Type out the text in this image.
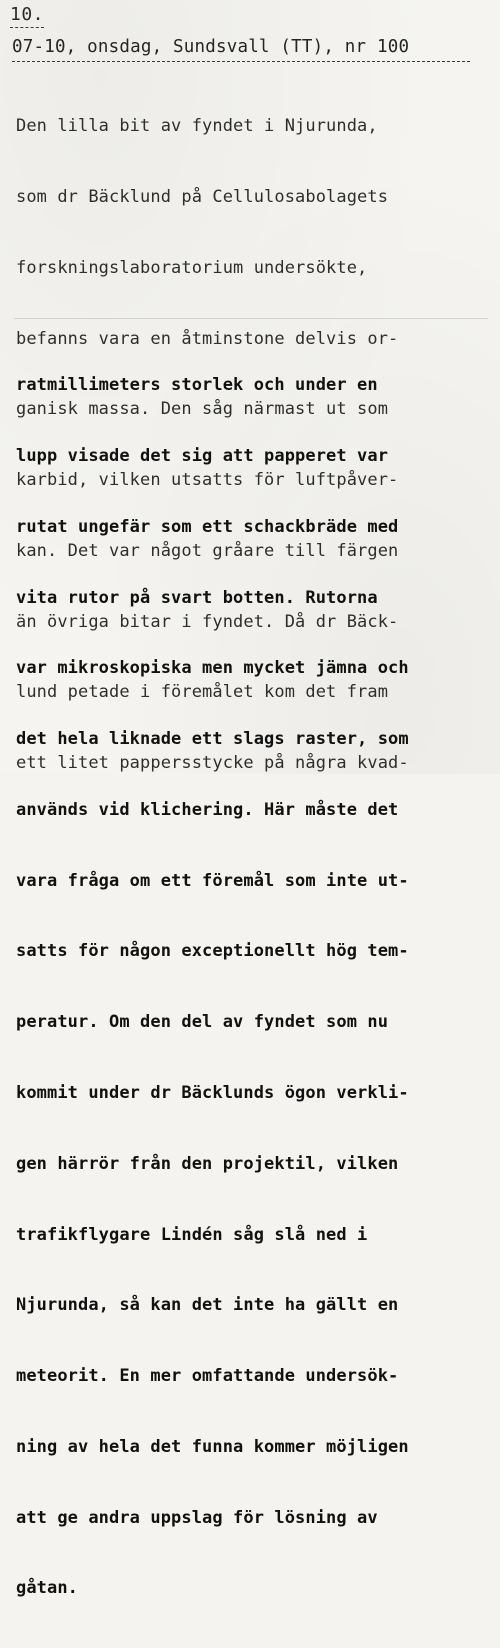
10.
07-10, onsdag, Sundsvall (TT), nr 100

Den lilla bit av fyndet i Njurunda,

som dr Bäcklund på Cellulosabolagets

forskningslaboratorium undersökte,

befanns vara en åtminstone delvis or-

ganisk massa. Den såg närmast ut som

karbid, vilken utsatts för luftpåver-

kan. Det var något gråare till färgen

än övriga bitar i fyndet. Då dr Bäck-

lund petade i föremålet kom det fram

ett litet pappersstycke på några kvad-

ratmillimeters storlek och under en

lupp visade det sig att papperet var

rutat ungefär som ett schackbräde med

vita rutor på svart botten. Rutorna

var mikroskopiska men mycket jämna och

det hela liknade ett slags raster, som

används vid klichering. Här måste det

vara fråga om ett föremål som inte ut-

satts för någon exceptionellt hög tem-

peratur. Om den del av fyndet som nu

kommit under dr Bäcklunds ögon verkli-

gen härrör från den projektil, vilken

trafikflygare Lindén såg slå ned i

Njurunda, så kan det inte ha gällt en

meteorit. En mer omfattande undersök-

ning av hela det funna kommer möjligen

att ge andra uppslag för lösning av

gåtan.
